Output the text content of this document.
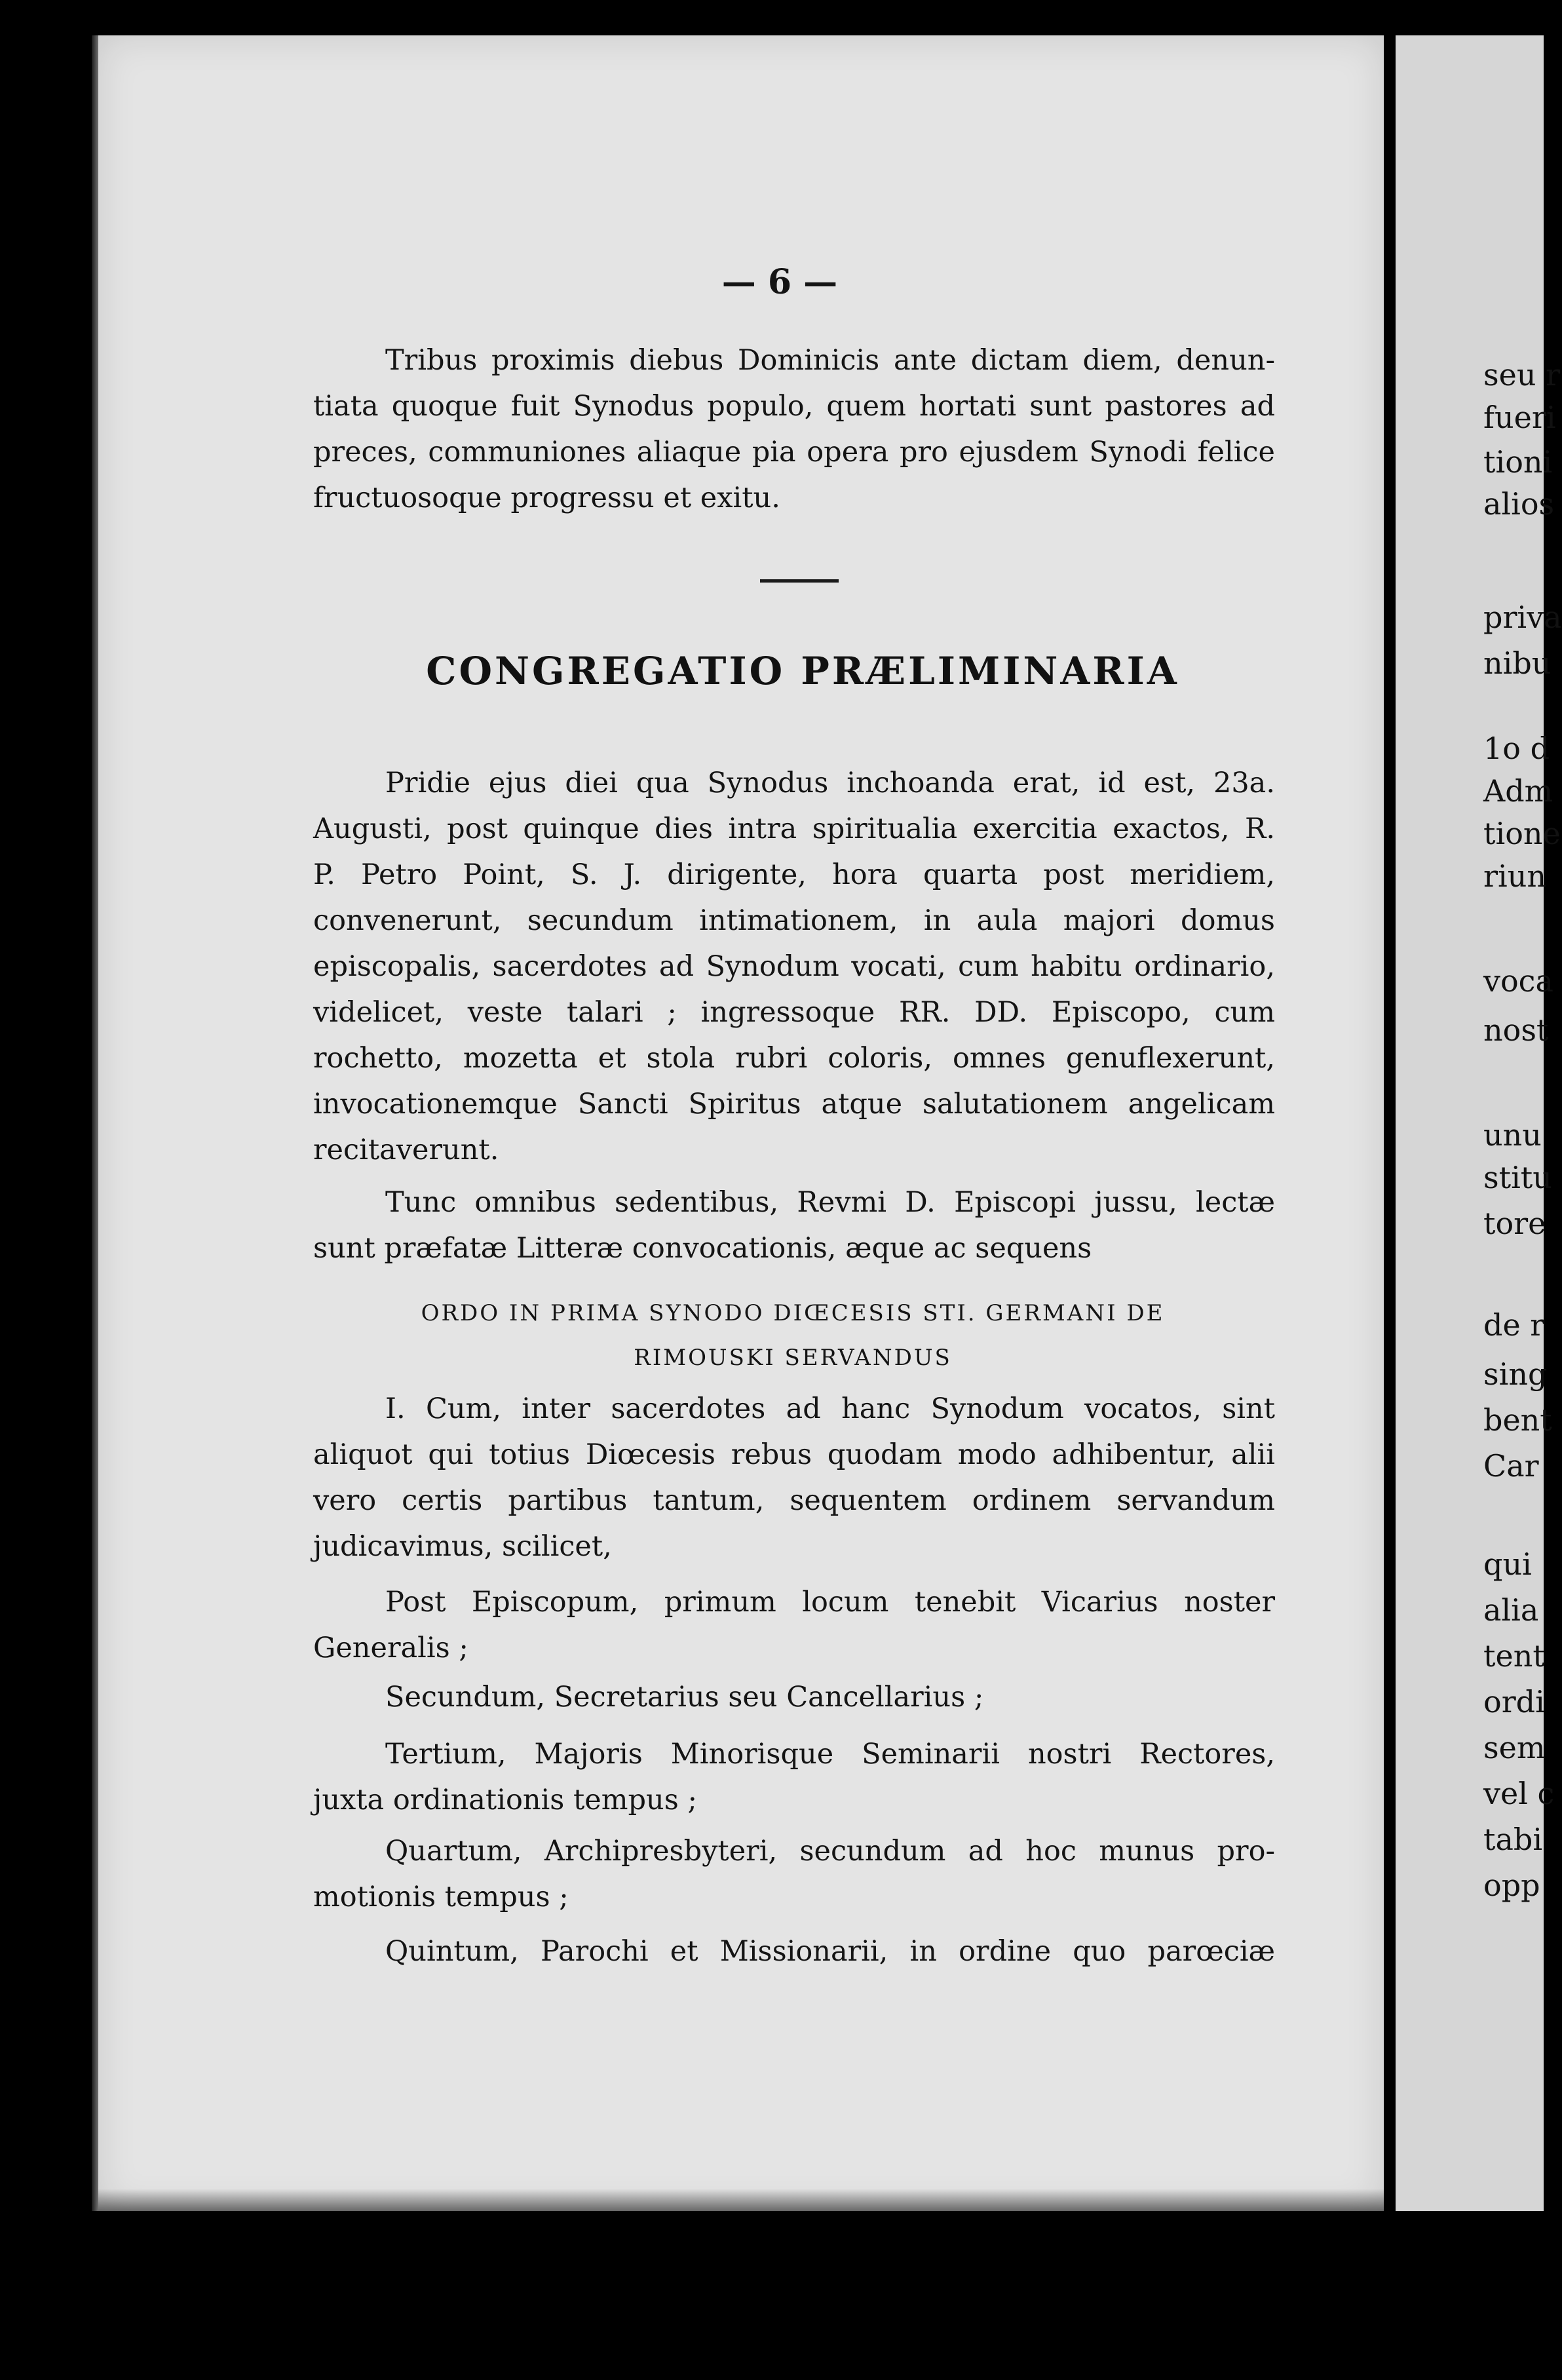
— 6 —
Tribus proximis diebus Dominicis ante dictam diem, denun-
tiata quoque fuit Synodus populo, quem hortati sunt pastores ad
preces, communiones aliaque pia opera pro ejusdem Synodi felice
fructuosoque progressu et exitu.
CONGREGATIO PRÆLIMINARIA
Pridie ejus diei qua Synodus inchoanda erat, id est, 23a.
Augusti, post quinque dies intra spiritualia exercitia exactos, R.
P. Petro Point, S. J. dirigente, hora quarta post meridiem,
convenerunt, secundum intimationem, in aula majori domus
episcopalis, sacerdotes ad Synodum vocati, cum habitu ordinario,
videlicet, veste talari ; ingressoque RR. DD. Episcopo, cum
rochetto, mozetta et stola rubri coloris, omnes genuflexerunt,
invocationemque Sancti Spiritus atque salutationem angelicam
recitaverunt.
Tunc omnibus sedentibus, Revmi D. Episcopi jussu, lectæ
sunt præfatæ Litteræ convocationis, æque ac sequens
ORDO IN PRIMA SYNODO DIŒCESIS STI. GERMANI DE
RIMOUSKI SERVANDUS
I. Cum, inter sacerdotes ad hanc Synodum vocatos, sint
aliquot qui totius Diœcesis rebus quodam modo adhibentur, alii
vero certis partibus tantum, sequentem ordinem servandum
judicavimus, scilicet,
Post Episcopum, primum locum tenebit Vicarius noster
Generalis ;
Secundum, Secretarius seu Cancellarius ;
Tertium, Majoris Minorisque Seminarii nostri Rectores,
juxta ordinationis tempus ;
Quartum, Archipresbyteri, secundum ad hoc munus pro-
motionis tempus ;
Quintum, Parochi et Missionarii, in ordine quo parœciæ
seu r
fueri
tioni
alios
priva
nibu
1o d
Adm
tione
riun
voca
nost
unu
stitu
tore
de r
sing
bent
Car
qui
alia
tent
ordi
sem
vel c
tabi
opp
